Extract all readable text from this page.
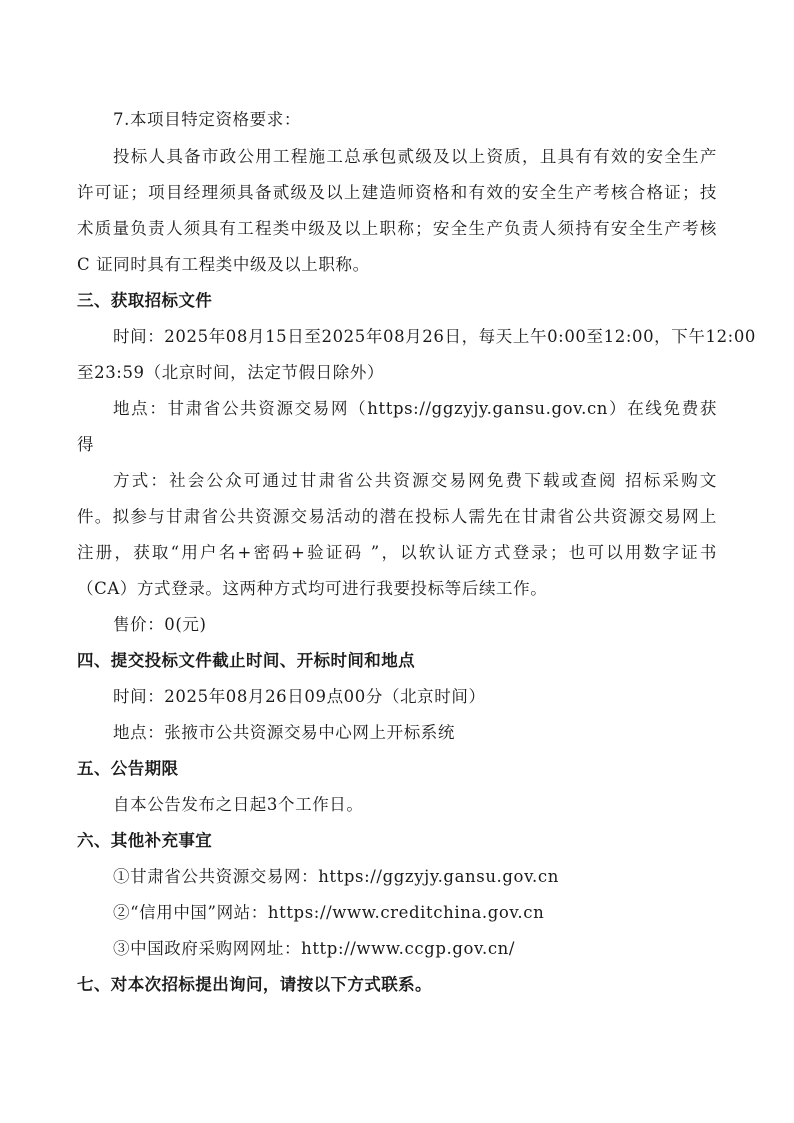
7.本项目特定资格要求：
投标人具备市政公用工程施工总承包贰级及以上资质，且具有有效的安全生产
许可证；项目经理须具备贰级及以上建造师资格和有效的安全生产考核合格证；技
术质量负责人须具有工程类中级及以上职称；安全生产负责人须持有安全生产考核
C 证同时具有工程类中级及以上职称。
三、获取招标文件
时间：2025年08月15日至2025年08月26日，每天上午0:00至12:00，下午12:00
至23:59（北京时间，法定节假日除外）
地点：甘肃省公共资源交易网（https://ggzyjy.gansu.gov.cn）在线免费获
得
方式：社会公众可通过甘肃省公共资源交易网免费下载或查阅 招标采购文
件。拟参与甘肃省公共资源交易活动的潜在投标人需先在甘肃省公共资源交易网上
注册，获取“用户名+密码+验证码 ”，以软认证方式登录；也可以用数字证书
（CA）方式登录。这两种方式均可进行我要投标等后续工作。
售价：0(元)
四、提交投标文件截止时间、开标时间和地点
时间：2025年08月26日09点00分（北京时间）
地点：张掖市公共资源交易中心网上开标系统
五、公告期限
自本公告发布之日起3个工作日。
六、其他补充事宜
①甘肃省公共资源交易网：https://ggzyjy.gansu.gov.cn
②“信用中国”网站：https://www.creditchina.gov.cn
③中国政府采购网网址：http://www.ccgp.gov.cn/
七、对本次招标提出询问，请按以下方式联系。
